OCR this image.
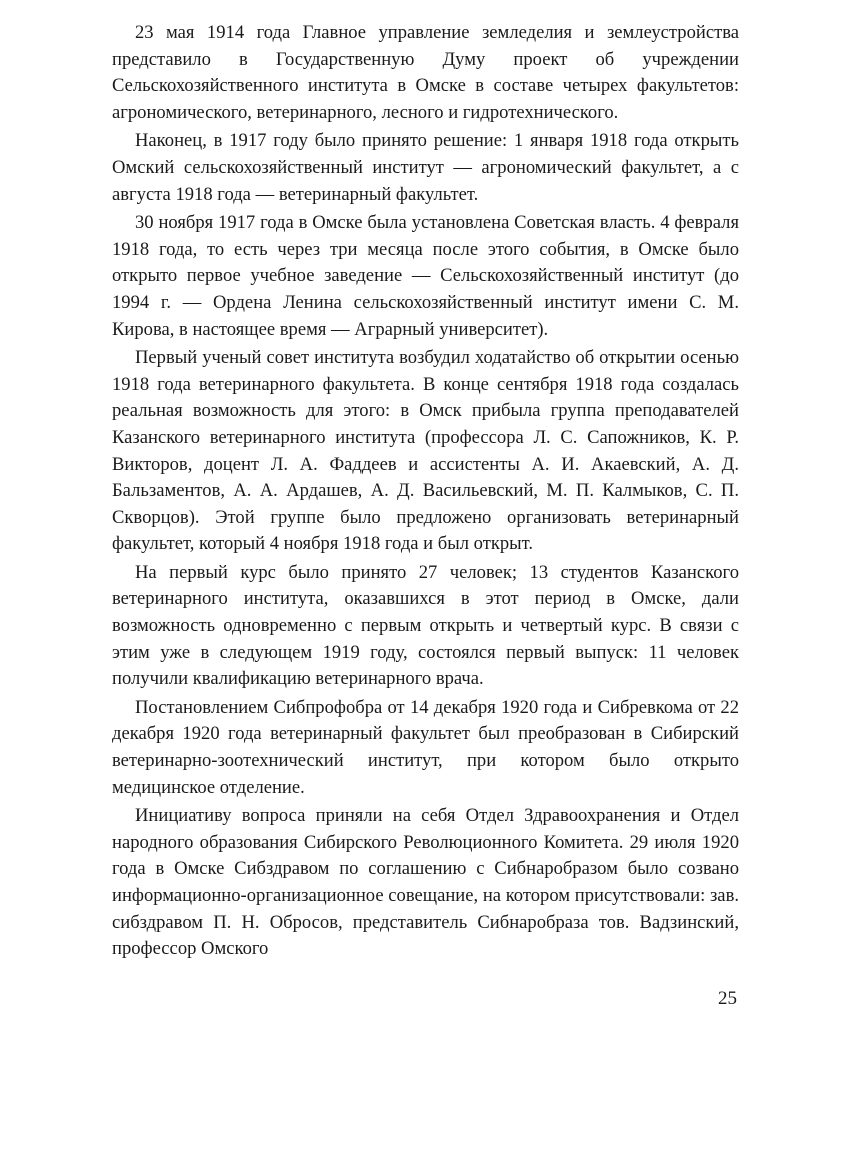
23 мая 1914 года Главное управление земледелия и землеустройства представило в Государственную Думу проект об учреждении Сельскохозяйственного института в Омске в составе четырех факультетов: агрономического, ветеринарного, лесного и гидротехнического.

Наконец, в 1917 году было принято решение: 1 января 1918 года открыть Омский сельскохозяйственный институт — агрономический факультет, а с августа 1918 года — ветеринарный факультет.

30 ноября 1917 года в Омске была установлена Советская власть. 4 февраля 1918 года, то есть через три месяца после этого события, в Омске было открыто первое учебное заведение — Сельскохозяйственный институт (до 1994 г. — Ордена Ленина сельскохозяйственный институт имени С. М. Кирова, в настоящее время — Аграрный университет).

Первый ученый совет института возбудил ходатайство об открытии осенью 1918 года ветеринарного факультета. В конце сентября 1918 года создалась реальная возможность для этого: в Омск прибыла группа преподавателей Казанского ветеринарного института (профессора Л. С. Сапожников, К. Р. Викторов, доцент Л. А. Фаддеев и ассистенты А. И. Акаевский, А. Д. Бальзаментов, А. А. Ардашев, А. Д. Васильевский, М. П. Калмыков, С. П. Скворцов). Этой группе было предложено организовать ветеринарный факультет, который 4 ноября 1918 года и был открыт.

На первый курс было принято 27 человек; 13 студентов Казанского ветеринарного института, оказавшихся в этот период в Омске, дали возможность одновременно с первым открыть и четвертый курс. В связи с этим уже в следующем 1919 году, состоялся первый выпуск: 11 человек получили квалификацию ветеринарного врача.

Постановлением Сибпрофобра от 14 декабря 1920 года и Сибревкома от 22 декабря 1920 года ветеринарный факультет был преобразован в Сибирский ветеринарно-зоотехнический институт, при котором было открыто медицинское отделение.

Инициативу вопроса приняли на себя Отдел Здравоохранения и Отдел народного образования Сибирского Революционного Комитета. 29 июля 1920 года в Омске Сибздравом по соглашению с Сибнаробразом было созвано информационно-организационное совещание, на котором присутствовали: зав. сибздравом П. Н. Обросов, представитель Сибнаробраза тов. Вадзинский, профессор Омского

25
